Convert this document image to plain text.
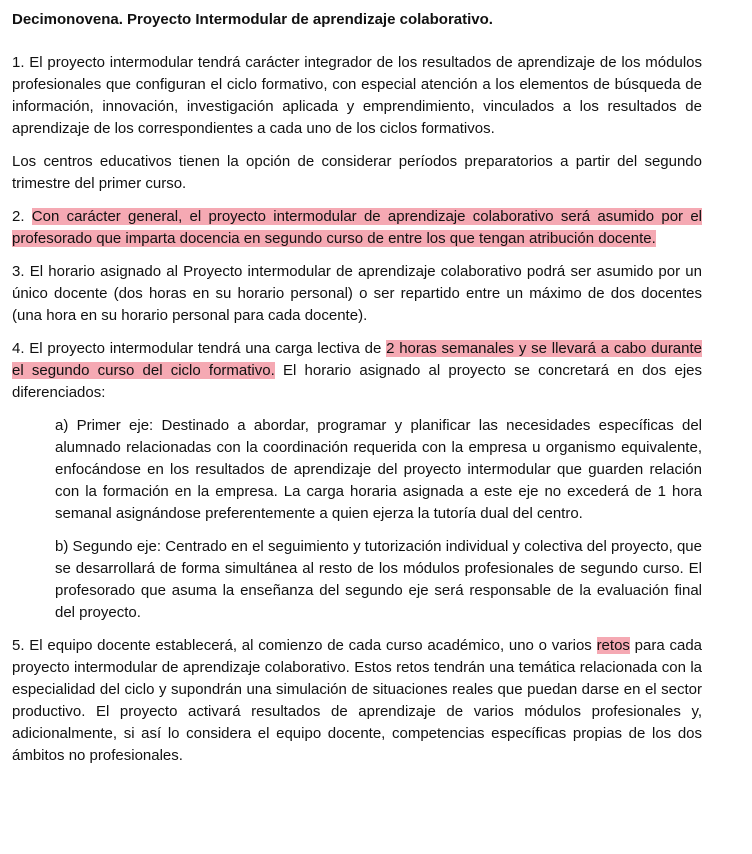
Decimonovena. Proyecto Intermodular de aprendizaje colaborativo.

1. El proyecto intermodular tendrá carácter integrador de los resultados de aprendizaje de los módulos profesionales que configuran el ciclo formativo, con especial atención a los elementos de búsqueda de información, innovación, investigación aplicada y emprendimiento, vinculados a los resultados de aprendizaje de los correspondientes a cada uno de los ciclos formativos.

Los centros educativos tienen la opción de considerar períodos preparatorios a partir del segundo trimestre del primer curso.

2. Con carácter general, el proyecto intermodular de aprendizaje colaborativo será asumido por el profesorado que imparta docencia en segundo curso de entre los que tengan atribución docente.

3. El horario asignado al Proyecto intermodular de aprendizaje colaborativo podrá ser asumido por un único docente (dos horas en su horario personal) o ser repartido entre un máximo de dos docentes (una hora en su horario personal para cada docente).

4. El proyecto intermodular tendrá una carga lectiva de 2 horas semanales y se llevará a cabo durante el segundo curso del ciclo formativo. El horario asignado al proyecto se concretará en dos ejes diferenciados:

a) Primer eje: Destinado a abordar, programar y planificar las necesidades específicas del alumnado relacionadas con la coordinación requerida con la empresa u organismo equivalente, enfocándose en los resultados de aprendizaje del proyecto intermodular que guarden relación con la formación en la empresa. La carga horaria asignada a este eje no excederá de 1 hora semanal asignándose preferentemente a quien ejerza la tutoría dual del centro.

b) Segundo eje: Centrado en el seguimiento y tutorización individual y colectiva del proyecto, que se desarrollará de forma simultánea al resto de los módulos profesionales de segundo curso. El profesorado que asuma la enseñanza del segundo eje será responsable de la evaluación final del proyecto.

5. El equipo docente establecerá, al comienzo de cada curso académico, uno o varios retos para cada proyecto intermodular de aprendizaje colaborativo. Estos retos tendrán una temática relacionada con la especialidad del ciclo y supondrán una simulación de situaciones reales que puedan darse en el sector productivo. El proyecto activará resultados de aprendizaje de varios módulos profesionales y, adicionalmente, si así lo considera el equipo docente, competencias específicas propias de los dos ámbitos no profesionales.
